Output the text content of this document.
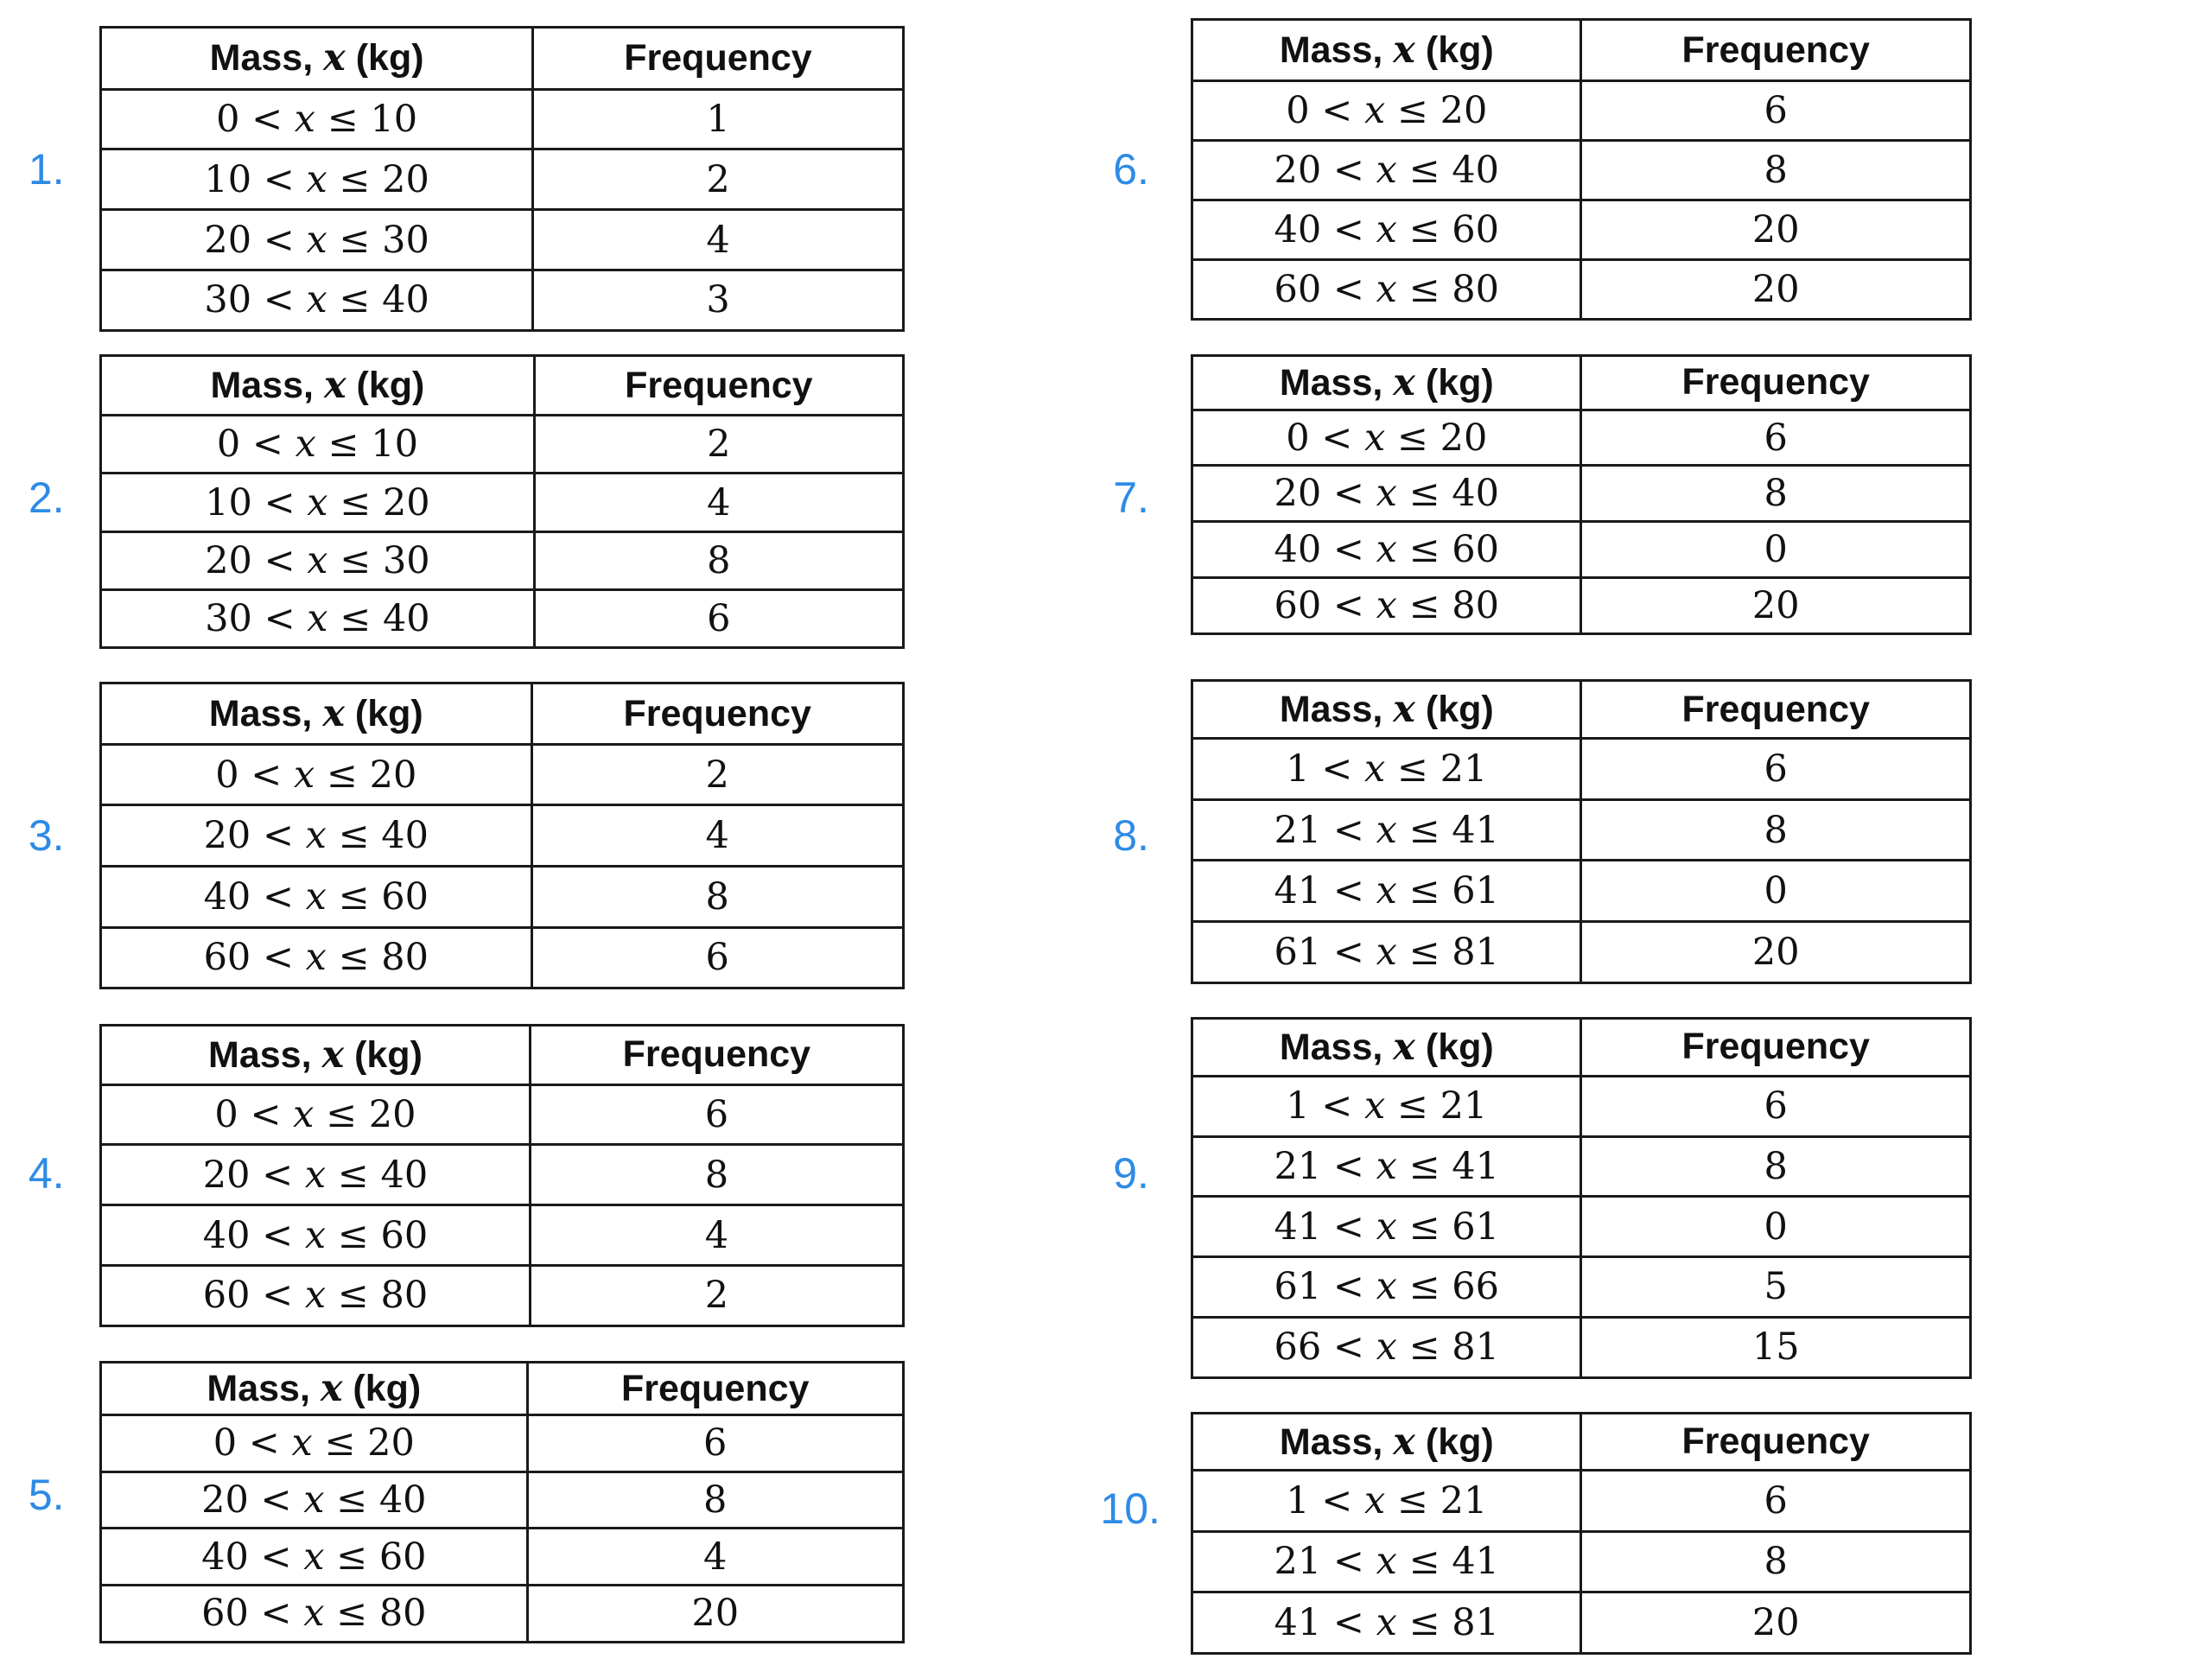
1.
Mass, x (kg)	Frequency
0 < x ≤ 10	1
10 < x ≤ 20	2
20 < x ≤ 30	4
30 < x ≤ 40	3
2.
Mass, x (kg)	Frequency
0 < x ≤ 10	2
10 < x ≤ 20	4
20 < x ≤ 30	8
30 < x ≤ 40	6
3.
Mass, x (kg)	Frequency
0 < x ≤ 20	2
20 < x ≤ 40	4
40 < x ≤ 60	8
60 < x ≤ 80	6
4.
Mass, x (kg)	Frequency
0 < x ≤ 20	6
20 < x ≤ 40	8
40 < x ≤ 60	4
60 < x ≤ 80	2
5.
Mass, x (kg)	Frequency
0 < x ≤ 20	6
20 < x ≤ 40	8
40 < x ≤ 60	4
60 < x ≤ 80	20
6.
Mass, x (kg)	Frequency
0 < x ≤ 20	6
20 < x ≤ 40	8
40 < x ≤ 60	20
60 < x ≤ 80	20
7.
Mass, x (kg)	Frequency
0 < x ≤ 20	6
20 < x ≤ 40	8
40 < x ≤ 60	0
60 < x ≤ 80	20
8.
Mass, x (kg)	Frequency
1 < x ≤ 21	6
21 < x ≤ 41	8
41 < x ≤ 61	0
61 < x ≤ 81	20
9.
Mass, x (kg)	Frequency
1 < x ≤ 21	6
21 < x ≤ 41	8
41 < x ≤ 61	0
61 < x ≤ 66	5
66 < x ≤ 81	15
10.
Mass, x (kg)	Frequency
1 < x ≤ 21	6
21 < x ≤ 41	8
41 < x ≤ 81	20
